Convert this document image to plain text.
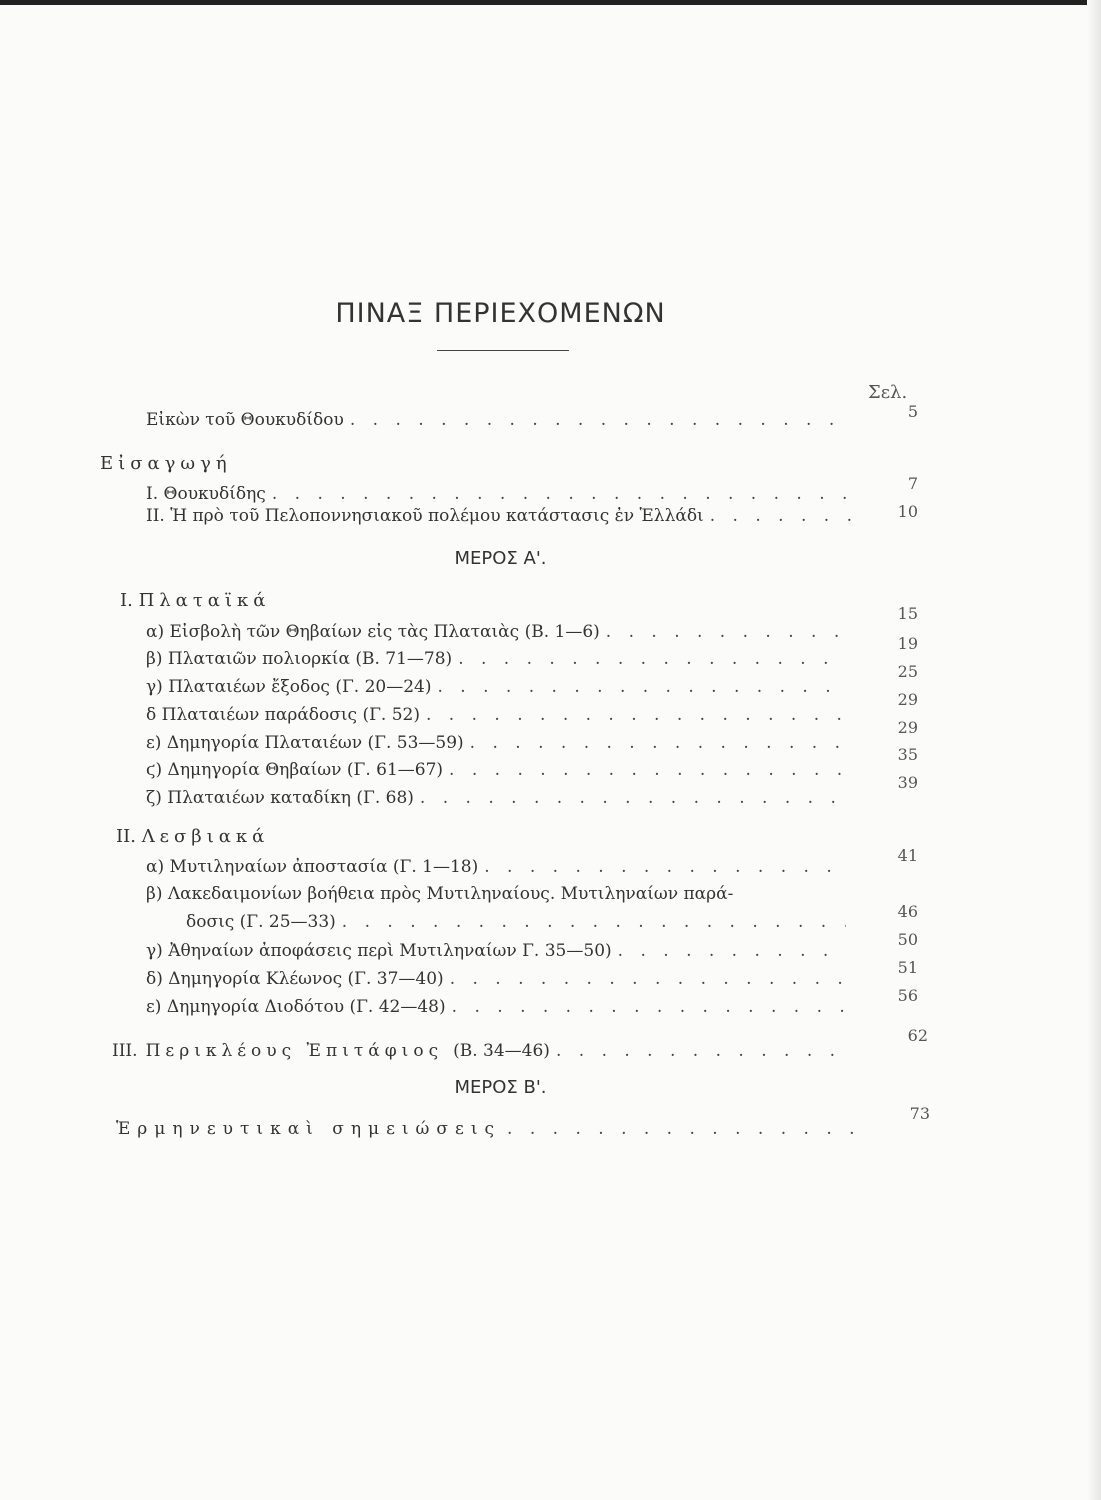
ΠΙΝΑΞ ΠΕΡΙΕΧΟΜΕΝΩΝ
Σελ.
Εἰκὼν τοῦ Θουκυδίδου . . .	5
Εἰσαγωγή
I. Θουκυδίδης
. . .
7
II. Ἡ πρὸ τοῦ Πελοποννησιακοῦ πολέμου κατάστασις ἐν Ἑλλάδι . . .	10
ΜΕΡΟΣ Α'.
I. Πλαταϊκά
α) Εἰσβολὴ τῶν Θηβαίων εἰς τὰς Πλαταιὰς (Β. 1—6)
. . .
15
β) Πλαταιῶν πολιορκία (Β. 71—78)
. . .
19
γ) Πλαταιέων ἔξοδος (Γ. 20—24)
. . .
25
δ Πλαταιέων παράδοσις (Γ. 52)
. . .
29
ε) Δημηγορία Πλαταιέων (Γ. 53—59)
. . .
29
ϛ) Δημηγορία Θηβαίων (Γ. 61—67)
. . .
35
ζ) Πλαταιέων καταδίκη (Γ. 68)
. . .
39
II. Λεσβιακά
α) Μυτιληναίων ἀποστασία (Γ. 1—18)
. . .
41
β) Λακεδαιμονίων βοήθεια πρὸς Μυτιληναίους. Μυτιληναίων παρά-
δοσις (Γ. 25—33)
. . .
46
γ) Ἀθηναίων ἀποφάσεις περὶ Μυτιληναίων Γ. 35—50)
. . .
50
δ) Δημηγορία Κλέωνος (Γ. 37—40)
. . .
51
ε) Δημηγορία Διοδότου (Γ. 42—48)
. . .
56
III. Περικλέους Ἐπιτάφιος (Β. 34—46)
. . .
62
ΜΕΡΟΣ Β'.
Ἑρμηνευτικαὶ σημειώσεις
. . .
73
